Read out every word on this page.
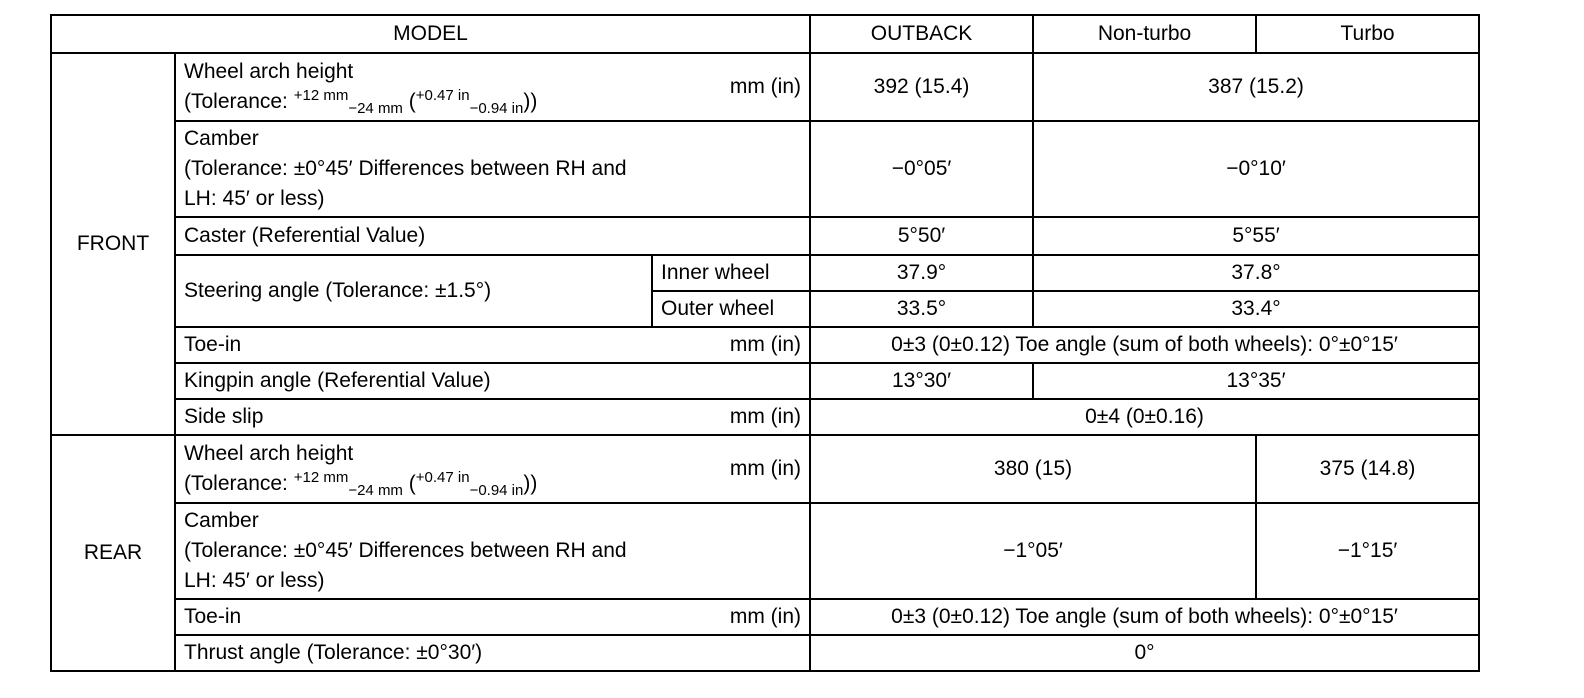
MODEL			OUTBACK	Non-turbo	Turbo
FRONT	Wheel arch height
(Tolerance: $^{+12 mm}_{-24 mm}$ ($^{+0.47 in}_{-0.94 in}$))
mm (in)		392 (15.4)	387 (15.2)	

	Camber
(Tolerance: ±0°45′ Differences between RH and
LH: 45′ or less)		−0°05′	−0°10′	
	Caster (Referential Value)		5°50′	5°55′	
	Steering angle (Tolerance: ±1.5°)	Inner wheel	37.9°	37.8°	
		Outer wheel	33.5°	33.4°	

	Toe-in mm (in)		0±3 (0±0.12) Toe angle (sum of both wheels): 0°±0°15′		
	Kingpin angle (Referential Value)		13°30′	13°35′	

	Side slip mm (in)		0±4 (0±0.16)		
REAR	Wheel arch height
(Tolerance: $^{+12 mm}_{-24 mm}$ ($^{+0.47 in}_{-0.94 in}$))
mm (in)		380 (15)		375 (14.8)

	Camber
(Tolerance: ±0°45′ Differences between RH and
LH: 45′ or less)		−1°05′		−1°15′

	Toe-in mm (in)		0±3 (0±0.12) Toe angle (sum of both wheels): 0°±0°15′		
	Thrust angle (Tolerance: ±0°30′)		0°		
